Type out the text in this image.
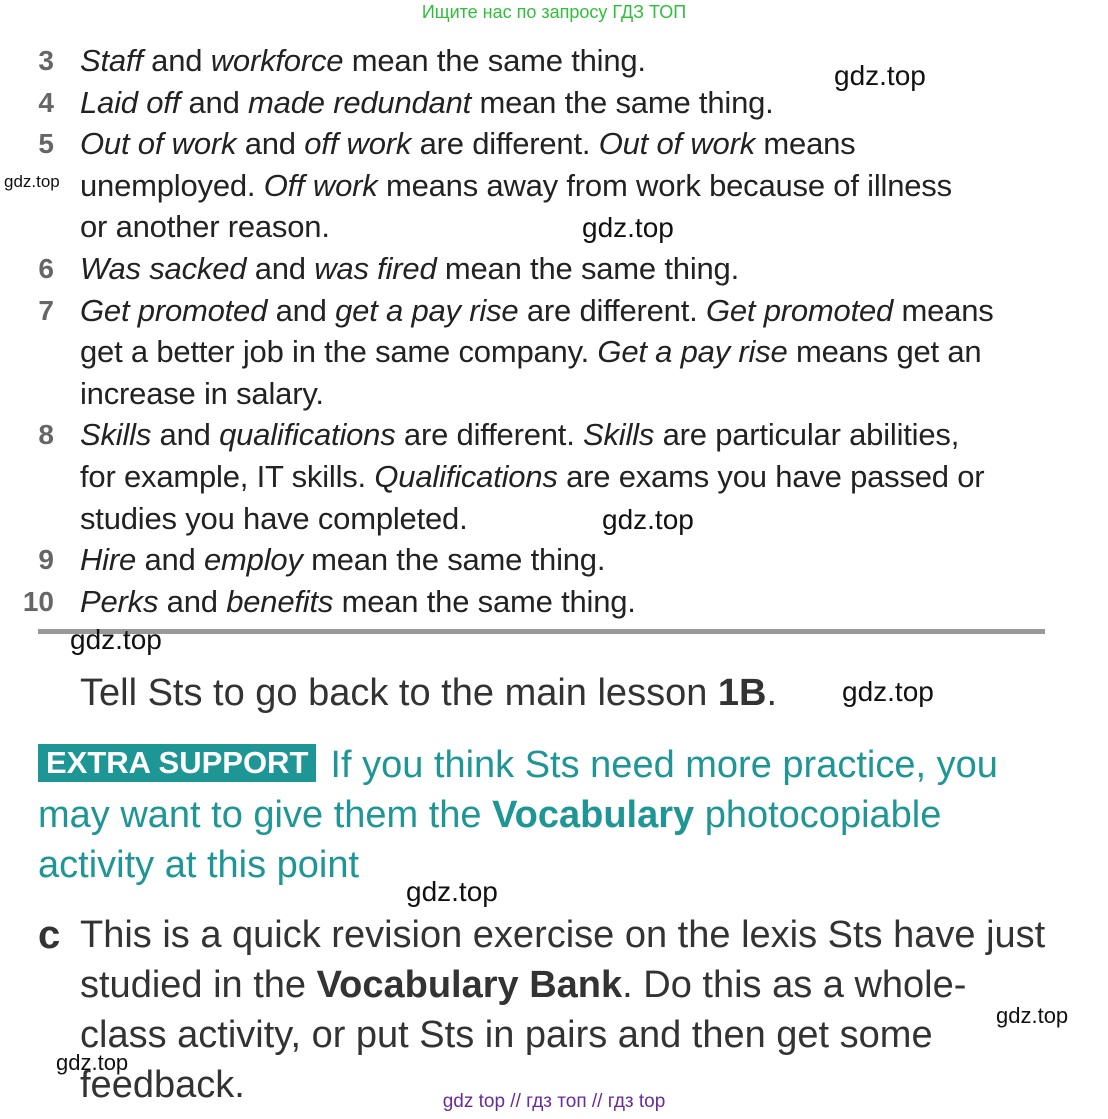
Ищите нас по запросу ГДЗ ТОП
3 Staff and workforce mean the same thing.
4 Laid off and made redundant mean the same thing.
5 Out of work and off work are different. Out of work means
unemployed. Off work means away from work because of illness
or another reason.
6 Was sacked and was fired mean the same thing.
7 Get promoted and get a pay rise are different. Get promoted means
get a better job in the same company. Get a pay rise means get an
increase in salary.
8 Skills and qualifications are different. Skills are particular abilities,
for example, IT skills. Qualifications are exams you have passed or
studies you have completed.
9 Hire and employ mean the same thing.
10 Perks and benefits mean the same thing.
Tell Sts to go back to the main lesson 1B.
EXTRA SUPPORT If you think Sts need more practice, you may want to give them the Vocabulary photocopiable activity at this point
c This is a quick revision exercise on the lexis Sts have just studied in the Vocabulary Bank. Do this as a whole-class activity, or put Sts in pairs and then get some feedback.
gdz.top
gdz.top
gdz.top
gdz.top
gdz.top
gdz.top
gdz.top
gdz.top
gdz.top
gdz top // гдз топ // гдз top
